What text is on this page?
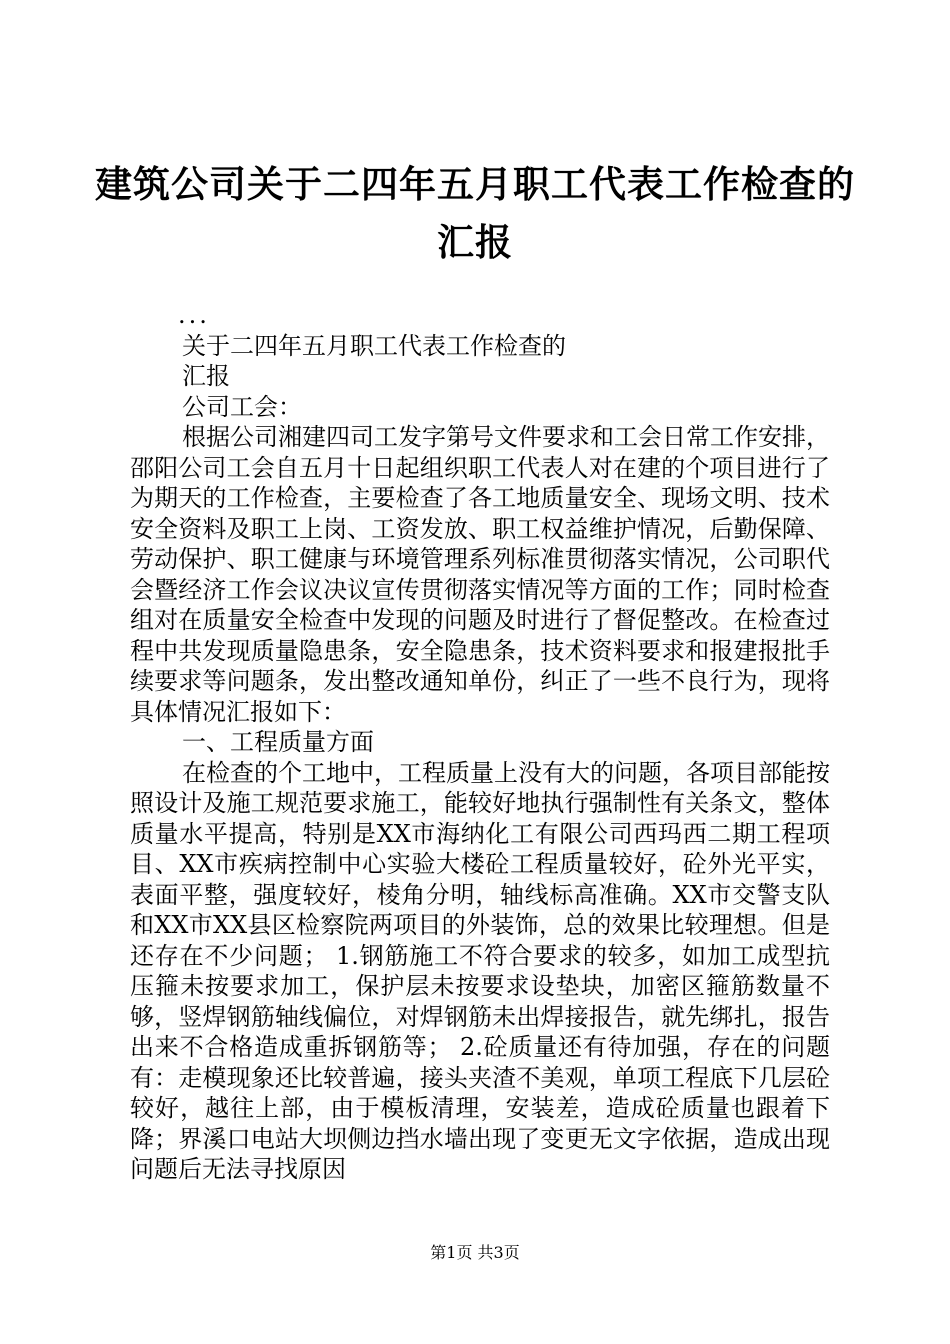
建筑公司关于二四年五月职工代表工作检查的
汇报

...

关于二四年五月职工代表工作检查的

汇报

公司工会：

根据公司湘建四司工发字第号文件要求和工会日常工作安排，邵阳公司工会自五月十日起组织职工代表人对在建的个项目进行了为期天的工作检查，主要检查了各工地质量安全、现场文明、技术安全资料及职工上岗、工资发放、职工权益维护情况，后勤保障、劳动保护、职工健康与环境管理系列标准贯彻落实情况，公司职代会暨经济工作会议决议宣传贯彻落实情况等方面的工作；同时检查组对在质量安全检查中发现的问题及时进行了督促整改。在检查过程中共发现质量隐患条，安全隐患条，技术资料要求和报建报批手续要求等问题条，发出整改通知单份，纠正了一些不良行为，现将具体情况汇报如下：

一、工程质量方面

在检查的个工地中，工程质量上没有大的问题，各项目部能按照设计及施工规范要求施工，能较好地执行强制性有关条文，整体质量水平提高，特别是XX市海纳化工有限公司西玛西二期工程项目、XX市疾病控制中心实验大楼砼工程质量较好，砼外光平实，表面平整，强度较好，棱角分明，轴线标高准确。XX市交警支队和XX市XX县区检察院两项目的外装饰，总的效果比较理想。但是还存在不少问题； 1.钢筋施工不符合要求的较多，如加工成型抗压箍未按要求加工，保护层未按要求设垫块，加密区箍筋数量不够，竖焊钢筋轴线偏位，对焊钢筋未出焊接报告，就先绑扎，报告出来不合格造成重拆钢筋等； 2.砼质量还有待加强，存在的问题有：走模现象还比较普遍，接头夹渣不美观，单项工程底下几层砼较好，越往上部，由于模板清理，安装差，造成砼质量也跟着下降；界溪口电站大坝侧边挡水墙出现了变更无文字依据，造成出现问题后无法寻找原因

第1页 共3页
